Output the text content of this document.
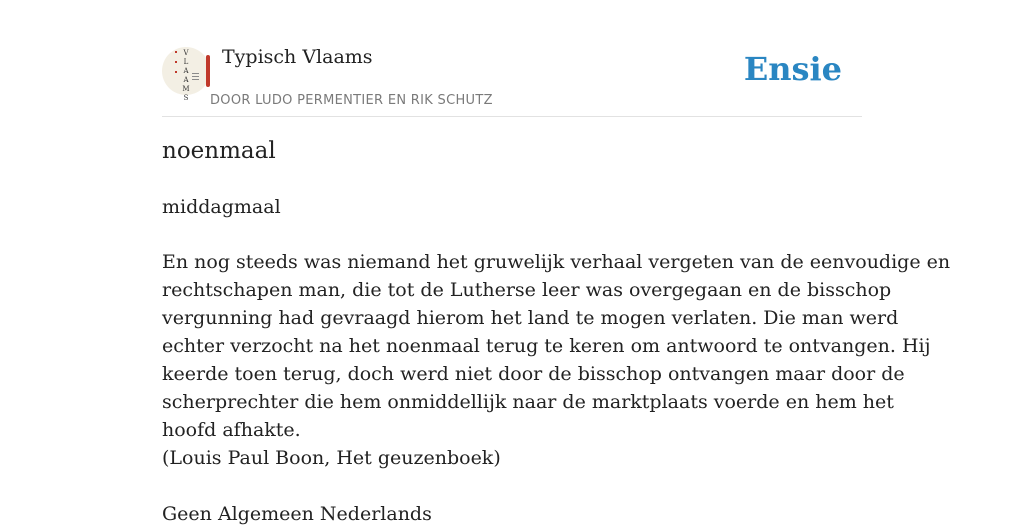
V
L
A
A
M
S
Typisch Vlaams
DOOR LUDO PERMENTIER EN RIK SCHUTZ
Ensie
noenmaal
middagmaal
En nog steeds was niemand het gruwelijk verhaal vergeten van de eenvoudige en
rechtschapen man, die tot de Lutherse leer was overgegaan en de bisschop
vergunning had gevraagd hierom het land te mogen verlaten. Die man werd
echter verzocht na het noenmaal terug te keren om antwoord te ontvangen. Hij
keerde toen terug, doch werd niet door de bisschop ontvangen maar door de
scherprechter die hem onmiddellijk naar de marktplaats voerde en hem het
hoofd afhakte.
(Louis Paul Boon, Het geuzenboek)
Geen Algemeen Nederlands
